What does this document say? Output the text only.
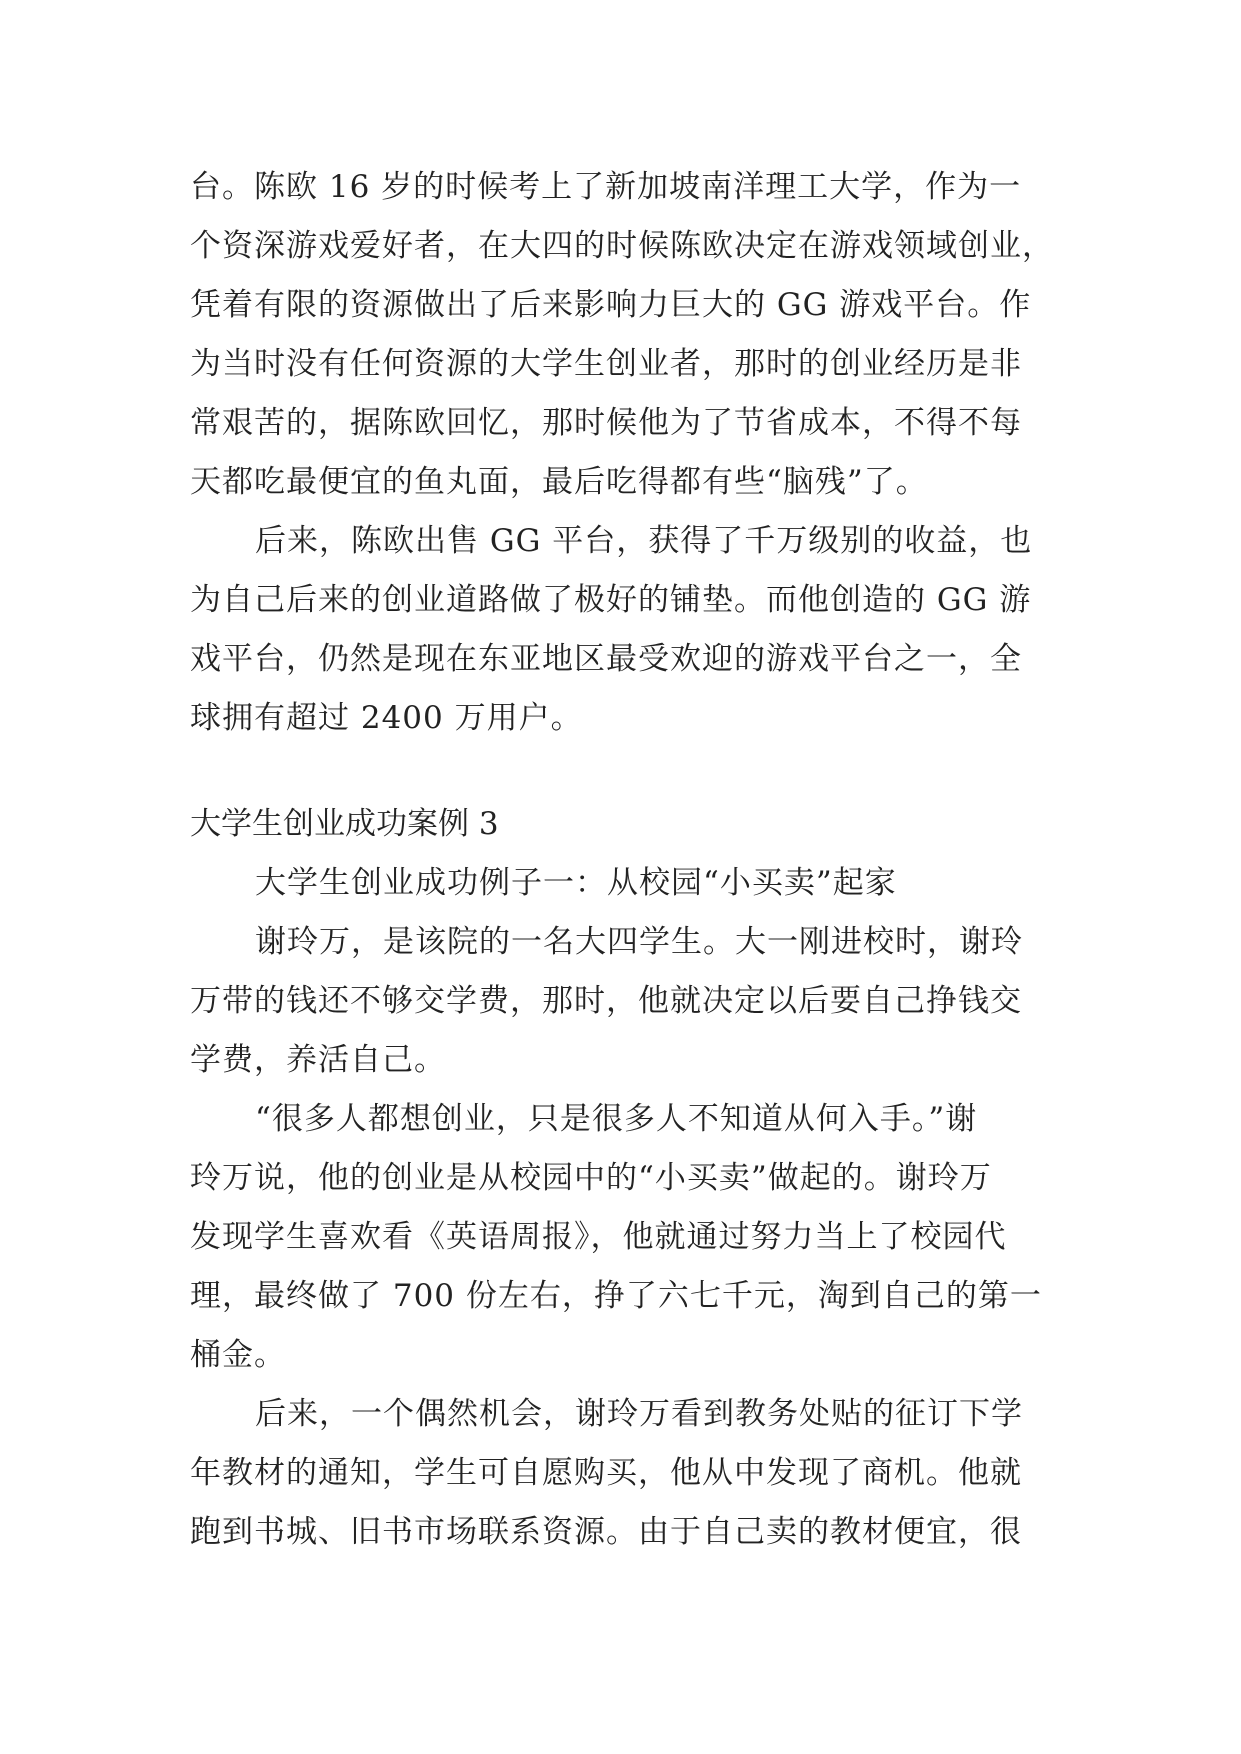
台。陈欧 16 岁的时候考上了新加坡南洋理工大学，作为一
个资深游戏爱好者，在大四的时候陈欧决定在游戏领域创业，
凭着有限的资源做出了后来影响力巨大的 GG 游戏平台。作
为当时没有任何资源的大学生创业者，那时的创业经历是非
常艰苦的，据陈欧回忆，那时候他为了节省成本，不得不每
天都吃最便宜的鱼丸面，最后吃得都有些“脑残”了。
后来，陈欧出售 GG 平台，获得了千万级别的收益，也
为自己后来的创业道路做了极好的铺垫。而他创造的 GG 游
戏平台，仍然是现在东亚地区最受欢迎的游戏平台之一，全
球拥有超过 2400 万用户。
大学生创业成功案例 3
大学生创业成功例子一：从校园“小买卖”起家
谢玲万，是该院的一名大四学生。大一刚进校时，谢玲
万带的钱还不够交学费，那时，他就决定以后要自己挣钱交
学费，养活自己。
“很多人都想创业，只是很多人不知道从何入手。”谢
玲万说，他的创业是从校园中的“小买卖”做起的。谢玲万
发现学生喜欢看《英语周报》，他就通过努力当上了校园代
理，最终做了 700 份左右，挣了六七千元，淘到自己的第一
桶金。
后来，一个偶然机会，谢玲万看到教务处贴的征订下学
年教材的通知，学生可自愿购买，他从中发现了商机。他就
跑到书城、旧书市场联系资源。由于自己卖的教材便宜，很
